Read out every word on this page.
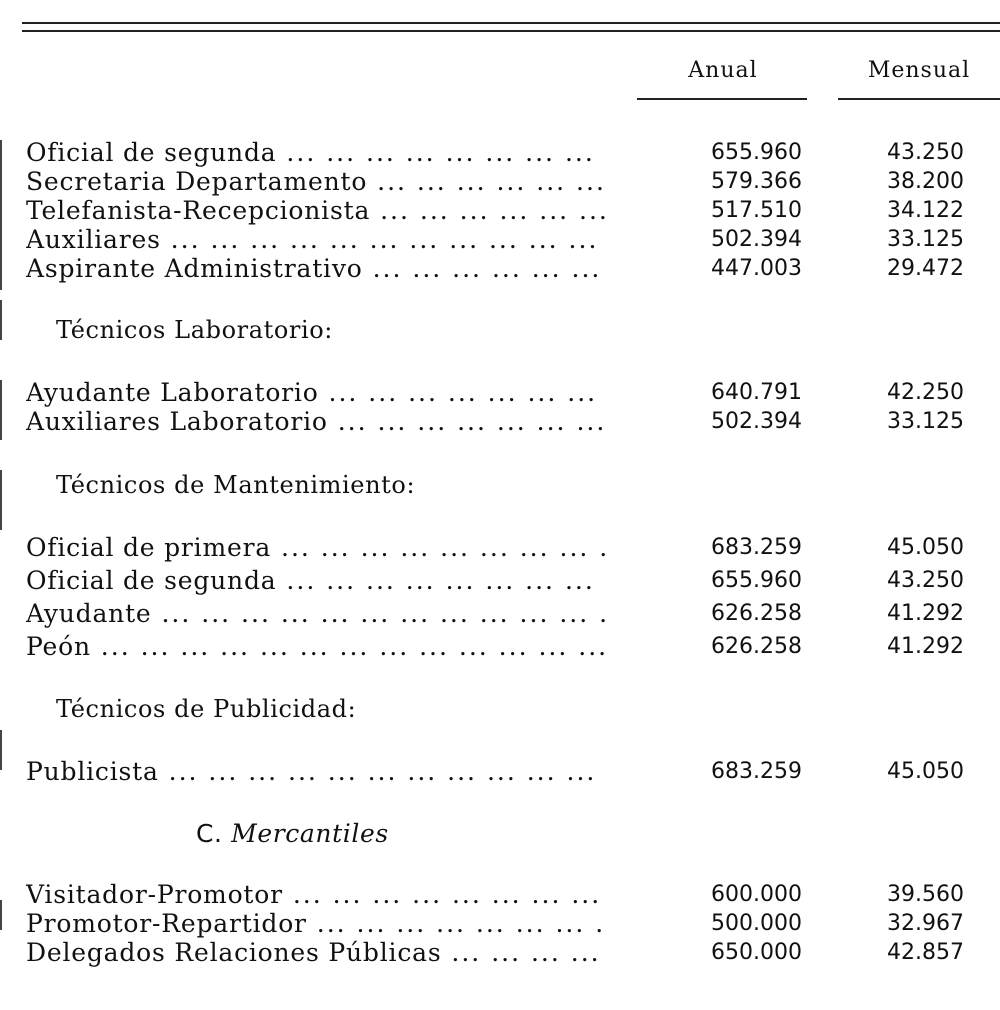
Anual	Mensual
Oficial de segunda ... .	655.960	43.250
Secretaria Departamento ... .	579.366	38.200
Telefanista-Recepcionista ... .	517.510	34.122
Auxiliares ... .	502.394	33.125
Aspirante Administrativo ... .	447.003	29.472
Técnicos Laboratorio:
Ayudante Laboratorio ... .	640.791	42.250
Auxiliares Laboratorio ... .	502.394	33.125
Técnicos de Mantenimiento:
Oficial de primera ... .	683.259	45.050
Oficial de segunda ... .	655.960	43.250
Ayudante ... .	626.258	41.292
Peón ... .	626.258	41.292
Técnicos de Publicidad:
Publicista ... .	683.259	45.050
C. Mercantiles
Visitador-Promotor ... .	600.000	39.560
Promotor-Repartidor ... .	500.000	32.967
Delegados Relaciones Públicas ... .	650.000	42.857
